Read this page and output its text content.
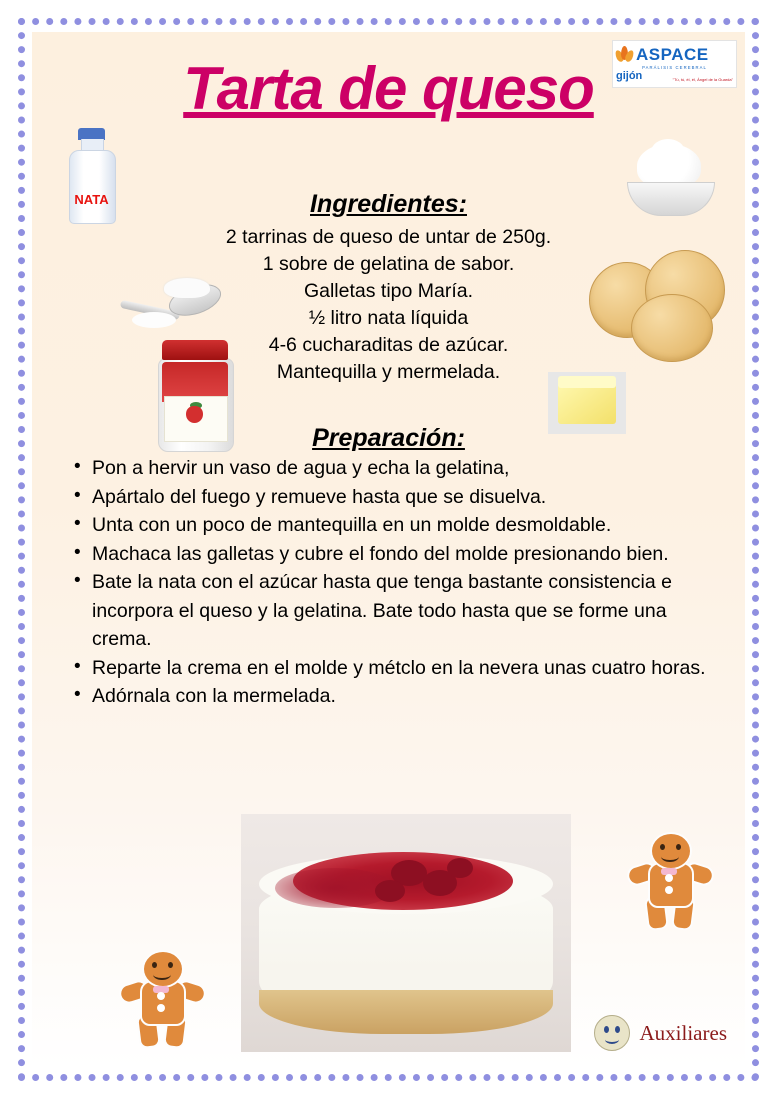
Tarta de queso
ASPACE
PARÁLISIS CEREBRAL
gijón	"Tú, tú, él, él, Ángel de la Guarda"
NATA	Ingredientes:
2 tarrinas de queso de untar de 250g.
1 sobre de gelatina de sabor.
Galletas tipo María.
½ litro nata líquida
4-6 cucharaditas de azúcar.
Mantequilla y mermelada.
Preparación:
• Pon a hervir un vaso de agua y echa la gelatina,
• Apártalo del fuego y remueve hasta que se disuelva.
• Unta con un poco de mantequilla en un molde desmoldable.
• Machaca las galletas y cubre el fondo del molde presionando bien.
• Bate la nata con el azúcar hasta que tenga bastante consistencia e incorpora el queso y la gelatina. Bate todo hasta que se forme una crema.
• Reparte la crema en el molde y métclo en la nevera unas cuatro horas.
• Adórnala con la mermelada.
Auxiliares
